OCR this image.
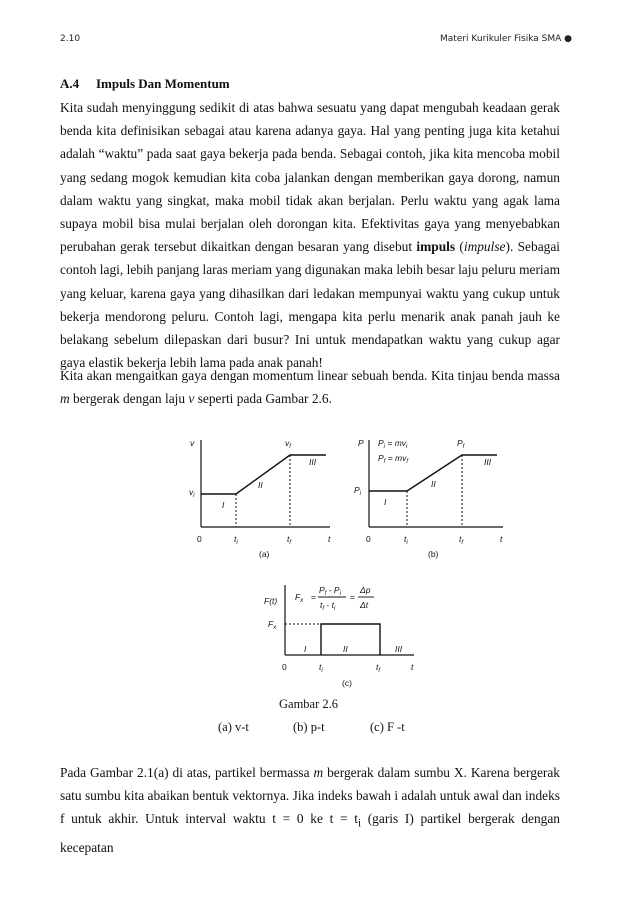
2.10	Materi Kurikuler Fisika SMA ●
A.4 Impuls Dan Momentum
Kita sudah menyinggung sedikit di atas bahwa sesuatu yang dapat mengubah keadaan gerak benda kita definisikan sebagai atau karena adanya gaya. Hal yang penting juga kita ketahui adalah “waktu” pada saat gaya bekerja pada benda. Sebagai contoh, jika kita mencoba mobil yang sedang mogok kemudian kita coba jalankan dengan memberikan gaya dorong, namun dalam waktu yang singkat, maka mobil tidak akan berjalan. Perlu waktu yang agak lama supaya mobil bisa mulai berjalan oleh dorongan kita. Efektivitas gaya yang menyebabkan perubahan gerak tersebut dikaitkan dengan besaran yang disebut impuls (impulse). Sebagai contoh lagi, lebih panjang laras meriam yang digunakan maka lebih besar laju peluru meriam yang keluar, karena gaya yang dihasilkan dari ledakan mempunyai waktu yang cukup untuk bekerja mendorong peluru. Contoh lagi, mengapa kita perlu menarik anak panah jauh ke belakang sebelum dilepaskan dari busur? Ini untuk mendapatkan waktu yang cukup agar gaya elastik bekerja lebih lama pada anak panah!
Kita akan mengaitkan gaya dengan momentum linear sebuah benda. Kita tinjau benda massa m bergerak dengan laju v seperti pada Gambar 2.6.
v
t
0
$v_i$
$v_f$
$t_i$	$t_f$
I
II
III
(a)
P
t
0
$P_i$
$P_f$
$P_i = mv_i$
$P_f = mv_f$
$t_i$	$t_f$
I
II
III
(b)
F(t)
t
0
$F_x$
$F_x$ =
$P_f - P_i$
$t_f - t_i$
=
Δp
Δt
$t_i$	$t_f$
I	II	III
(c)
Gambar 2.6
(a) v-t	(b) p-t	(c) F -t
Pada Gambar 2.1(a) di atas, partikel bermassa m bergerak dalam sumbu X. Karena bergerak satu sumbu kita abaikan bentuk vektornya. Jika indeks bawah i adalah untuk awal dan indeks f untuk akhir. Untuk interval waktu t = 0 ke $t = t_i$ (garis I) partikel bergerak dengan kecepatan
